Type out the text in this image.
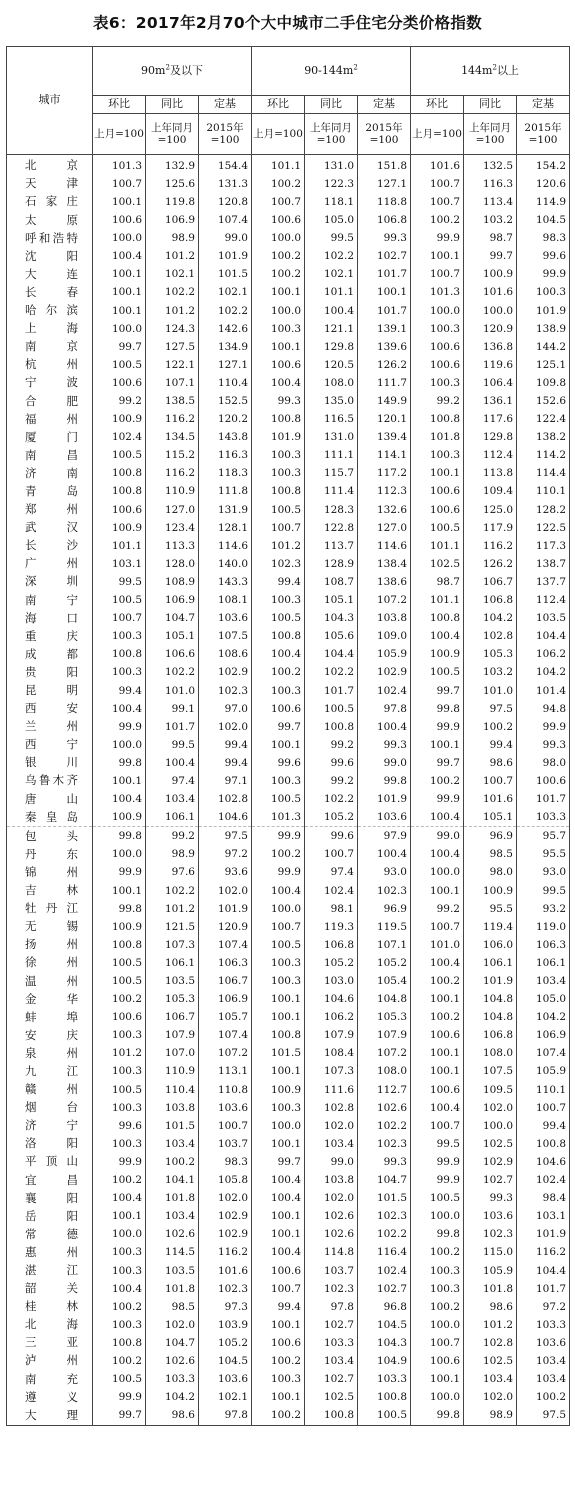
表6：2017年2月70个大中城市二手住宅分类价格指数
城市	$90m^2$及以下			$90-144m^2$			$144m^2$以上		
	环比	同比	定基	环比	同比	定基	环比	同比	定基
	上月=100	上年同月=100	2015年=100	上月=100	上年同月=100	2015年=100	上月=100	上年同月=100	2015年=100
北京	101.3	132.9	154.4	101.1	131.0	151.8	101.6	132.5	154.2
天津	100.7	125.6	131.3	100.2	122.3	127.1	100.7	116.3	120.6
石家庄	100.1	119.8	120.8	100.7	118.1	118.8	100.7	113.4	114.9
太原	100.6	106.9	107.4	100.6	105.0	106.8	100.2	103.2	104.5
呼和浩特	100.0	98.9	99.0	100.0	99.5	99.3	99.9	98.7	98.3
沈阳	100.4	101.2	101.9	100.2	102.2	102.7	100.1	99.7	99.6
大连	100.1	102.1	101.5	100.2	102.1	101.7	100.7	100.9	99.9
长春	100.1	102.2	102.1	100.1	101.1	100.1	101.3	101.6	100.3
哈尔滨	100.1	101.2	102.2	100.0	100.4	101.7	100.0	100.0	101.9
上海	100.0	124.3	142.6	100.3	121.1	139.1	100.3	120.9	138.9
南京	99.7	127.5	134.9	100.1	129.8	139.6	100.6	136.8	144.2
杭州	100.5	122.1	127.1	100.6	120.5	126.2	100.6	119.6	125.1
宁波	100.6	107.1	110.4	100.4	108.0	111.7	100.3	106.4	109.8
合肥	99.2	138.5	152.5	99.3	135.0	149.9	99.2	136.1	152.6
福州	100.9	116.2	120.2	100.8	116.5	120.1	100.8	117.6	122.4
厦门	102.4	134.5	143.8	101.9	131.0	139.4	101.8	129.8	138.2
南昌	100.5	115.2	116.3	100.3	111.1	114.1	100.3	112.4	114.2
济南	100.8	116.2	118.3	100.3	115.7	117.2	100.1	113.8	114.4
青岛	100.8	110.9	111.8	100.8	111.4	112.3	100.6	109.4	110.1
郑州	100.6	127.0	131.9	100.5	128.3	132.6	100.6	125.0	128.2
武汉	100.9	123.4	128.1	100.7	122.8	127.0	100.5	117.9	122.5
长沙	101.1	113.3	114.6	101.2	113.7	114.6	101.1	116.2	117.3
广州	103.1	128.0	140.0	102.3	128.9	138.4	102.5	126.2	138.7
深圳	99.5	108.9	143.3	99.4	108.7	138.6	98.7	106.7	137.7
南宁	100.5	106.9	108.1	100.3	105.1	107.2	101.1	106.8	112.4
海口	100.7	104.7	103.6	100.5	104.3	103.8	100.8	104.2	103.5
重庆	100.3	105.1	107.5	100.8	105.6	109.0	100.4	102.8	104.4
成都	100.8	106.6	108.6	100.4	104.4	105.9	100.9	105.3	106.2
贵阳	100.3	102.2	102.9	100.2	102.2	102.9	100.5	103.2	104.2
昆明	99.4	101.0	102.3	100.3	101.7	102.4	99.7	101.0	101.4
西安	100.4	99.1	97.0	100.6	100.5	97.8	99.8	97.5	94.8
兰州	99.9	101.7	102.0	99.7	100.8	100.4	99.9	100.2	99.9
西宁	100.0	99.5	99.4	100.1	99.2	99.3	100.1	99.4	99.3
银川	99.8	100.4	99.4	99.6	99.6	99.0	99.7	98.6	98.0
乌鲁木齐	100.1	97.4	97.1	100.3	99.2	99.8	100.2	100.7	100.6
唐山	100.4	103.4	102.8	100.5	102.2	101.9	99.9	101.6	101.7
秦皇岛	100.9	106.1	104.6	101.3	105.2	103.6	100.4	105.1	103.3
包头	99.8	99.2	97.5	99.9	99.6	97.9	99.0	96.9	95.7
丹东	100.0	98.9	97.2	100.2	100.7	100.4	100.4	98.5	95.5
锦州	99.9	97.6	93.6	99.9	97.4	93.0	100.0	98.0	93.0
吉林	100.1	102.2	102.0	100.4	102.4	102.3	100.1	100.9	99.5
牡丹江	99.8	101.2	101.9	100.0	98.1	96.9	99.2	95.5	93.2
无锡	100.9	121.5	120.9	100.7	119.3	119.5	100.7	119.4	119.0
扬州	100.8	107.3	107.4	100.5	106.8	107.1	101.0	106.0	106.3
徐州	100.5	106.1	106.3	100.3	105.2	105.2	100.4	106.1	106.1
温州	100.5	103.5	106.7	100.3	103.0	105.4	100.2	101.9	103.4
金华	100.2	105.3	106.9	100.1	104.6	104.8	100.1	104.8	105.0
蚌埠	100.6	106.7	105.7	100.1	106.2	105.3	100.2	104.8	104.2
安庆	100.3	107.9	107.4	100.8	107.9	107.9	100.6	106.8	106.9
泉州	101.2	107.0	107.2	101.5	108.4	107.2	100.1	108.0	107.4
九江	100.3	110.9	113.1	100.1	107.3	108.0	100.1	107.5	105.9
赣州	100.5	110.4	110.8	100.9	111.6	112.7	100.6	109.5	110.1
烟台	100.3	103.8	103.6	100.3	102.8	102.6	100.4	102.0	100.7
济宁	99.6	101.5	100.7	100.0	102.0	102.2	100.7	100.0	99.4
洛阳	100.3	103.4	103.7	100.1	103.4	102.3	99.5	102.5	100.8
平顶山	99.9	100.2	98.3	99.7	99.0	99.3	99.9	102.9	104.6
宜昌	100.2	104.1	105.8	100.4	103.8	104.7	99.9	102.7	102.4
襄阳	100.4	101.8	102.0	100.4	102.0	101.5	100.5	99.3	98.4
岳阳	100.1	103.4	102.9	100.1	102.6	102.3	100.0	103.6	103.1
常德	100.0	102.6	102.9	100.1	102.6	102.2	99.8	102.3	101.9
惠州	100.3	114.5	116.2	100.4	114.8	116.4	100.2	115.0	116.2
湛江	100.3	103.5	101.6	100.6	103.7	102.4	100.3	105.9	104.4
韶关	100.4	101.8	102.3	100.7	102.3	102.7	100.3	101.8	101.7
桂林	100.2	98.5	97.3	99.4	97.8	96.8	100.2	98.6	97.2
北海	100.3	102.0	103.9	100.1	102.7	104.5	100.0	101.2	103.3
三亚	100.8	104.7	105.2	100.6	103.3	104.3	100.7	102.8	103.6
泸州	100.2	102.6	104.5	100.2	103.4	104.9	100.6	102.5	103.4
南充	100.5	103.3	103.6	100.3	102.7	103.3	100.1	103.4	103.4
遵义	99.9	104.2	102.1	100.1	102.5	100.8	100.0	102.0	100.2
大理	99.7	98.6	97.8	100.2	100.8	100.5	99.8	98.9	97.5
